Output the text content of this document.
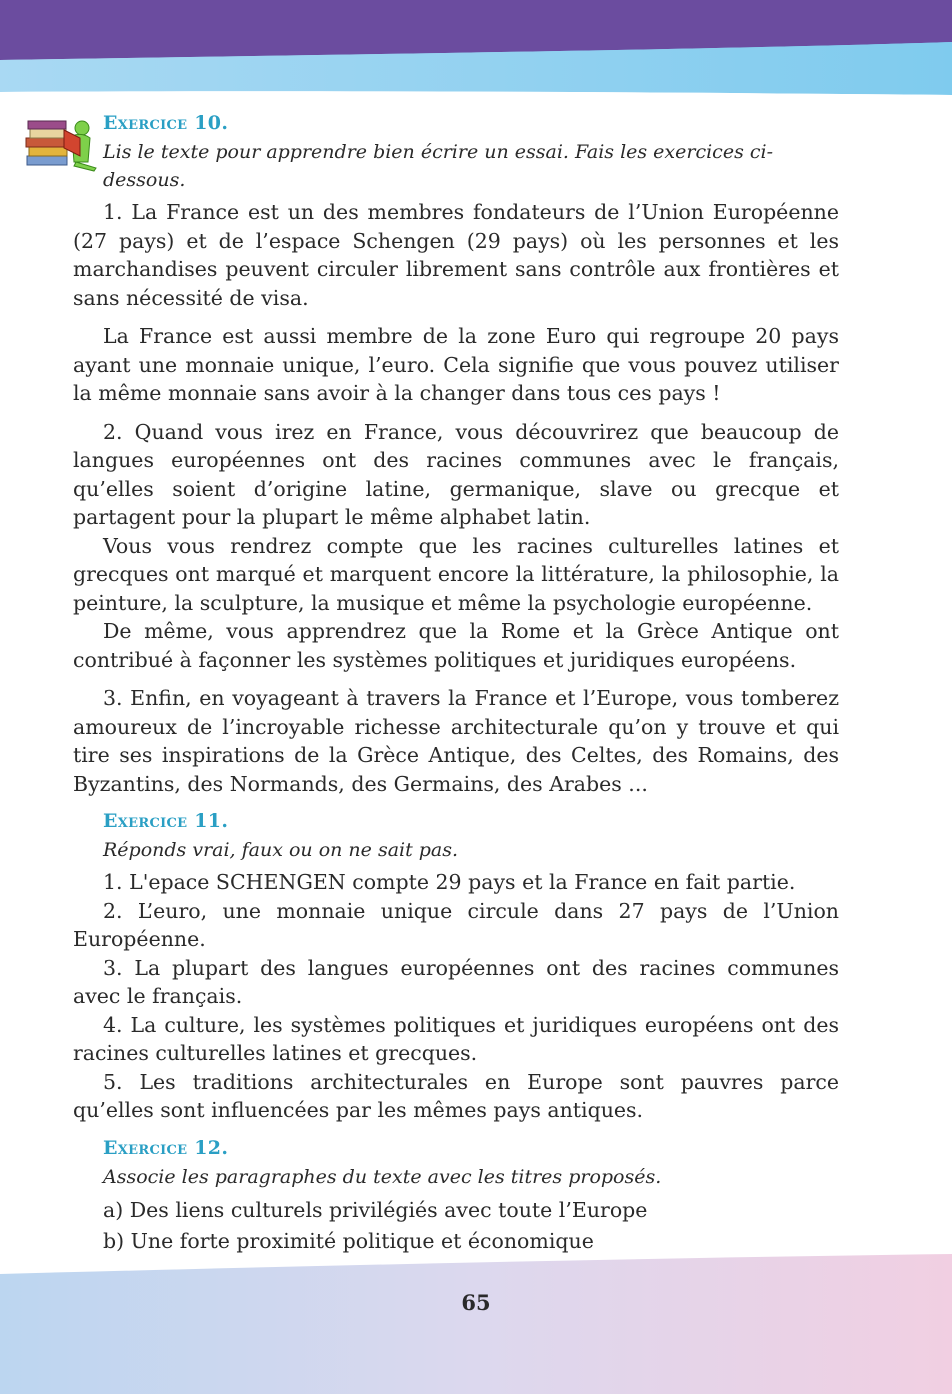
Exercice 10.
Lis le texte pour apprendre bien écrire un essai. Fais les exercices ci-dessous.

1. La France est un des membres fondateurs de l’Union Européenne (27 pays) et de l’espace Schengen (29 pays) où les personnes et les marchandises peuvent circuler librement sans contrôle aux frontières et sans nécessité de visa.

La France est aussi membre de la zone Euro qui regroupe 20 pays ayant une monnaie unique, l’euro. Cela signifie que vous pouvez utiliser la même monnaie sans avoir à la changer dans tous ces pays !

2. Quand vous irez en France, vous découvrirez que beaucoup de langues européennes ont des racines communes avec le français, qu’elles soient d’origine latine, germanique, slave ou grecque et partagent pour la plupart le même alphabet latin.

Vous vous rendrez compte que les racines culturelles latines et grecques ont marqué et marquent encore la littérature, la philosophie, la peinture, la sculpture, la musique et même la psychologie européenne.

De même, vous apprendrez que la Rome et la Grèce Antique ont contribué à façonner les systèmes politiques et juridiques européens.

3. Enfin, en voyageant à travers la France et l’Europe, vous tomberez amoureux de l’incroyable richesse architecturale qu’on y trouve et qui tire ses inspirations de la Grèce Antique, des Celtes, des Romains, des Byzantins, des Normands, des Germains, des Arabes ...

Exercice 11.
Réponds vrai, faux ou on ne sait pas.

1. L'epace SCHENGEN compte 29 pays et la France en fait partie.

2. L’euro, une monnaie unique circule dans 27 pays de l’Union Européenne.

3. La plupart des langues européennes ont des racines communes avec le français.

4. La culture, les systèmes politiques et juridiques européens ont des racines culturelles latines et grecques.

5. Les traditions architecturales en Europe sont pauvres parce qu’elles sont influencées par les mêmes pays antiques.

Exercice 12.
Associe les paragraphes du texte avec les titres proposés.
a) Des liens culturels privilégiés avec toute l’Europe
b) Une forte proximité politique et économique
65
